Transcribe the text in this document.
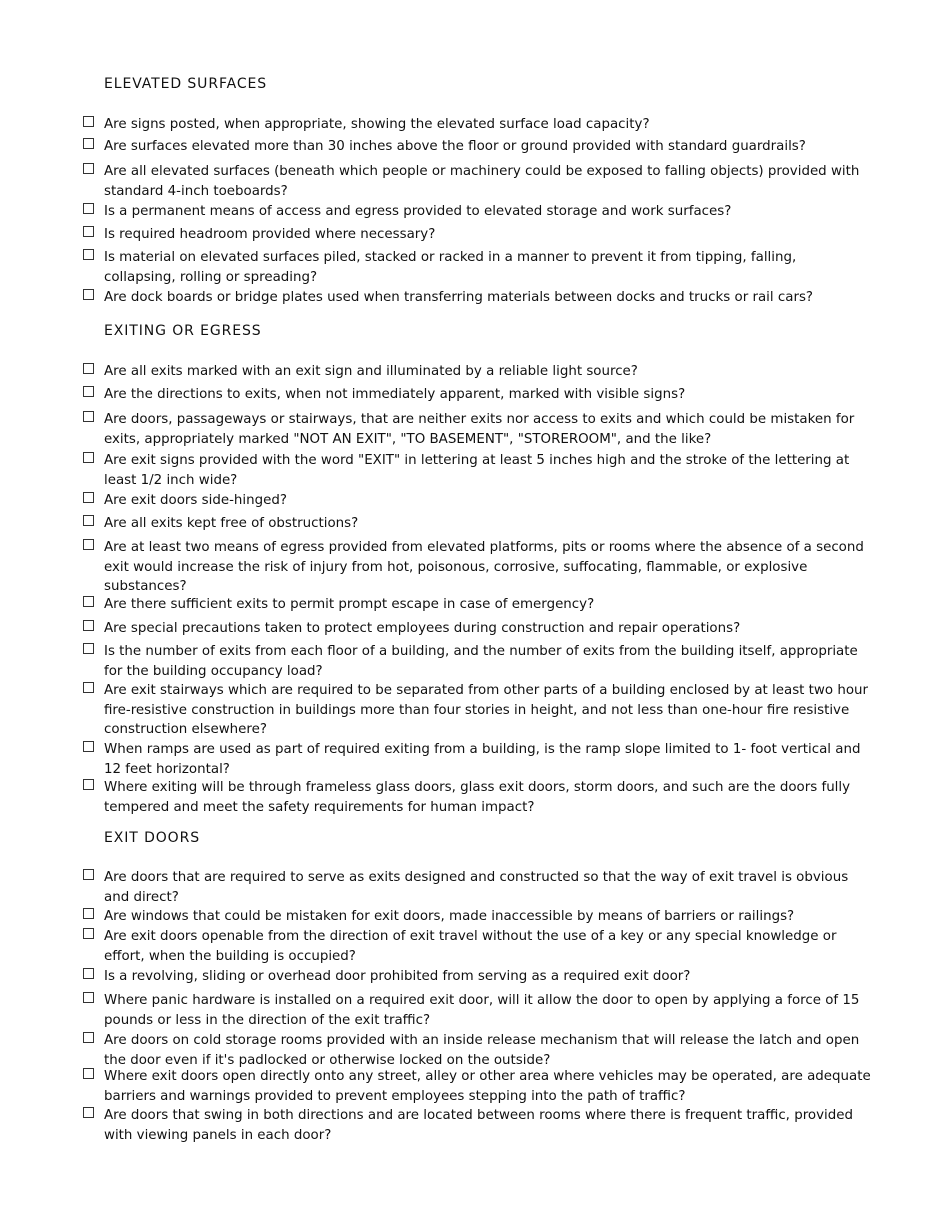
ELEVATED SURFACES
Are signs posted, when appropriate, showing the elevated surface load capacity?
Are surfaces elevated more than 30 inches above the floor or ground provided with standard guardrails?
Are all elevated surfaces (beneath which people or machinery could be exposed to falling objects) provided with standard 4-inch toeboards?
Is a permanent means of access and egress provided to elevated storage and work surfaces?
Is required headroom provided where necessary?
Is material on elevated surfaces piled, stacked or racked in a manner to prevent it from tipping, falling, collapsing, rolling or spreading?
Are dock boards or bridge plates used when transferring materials between docks and trucks or rail cars?
EXITING OR EGRESS
Are all exits marked with an exit sign and illuminated by a reliable light source?
Are the directions to exits, when not immediately apparent, marked with visible signs?
Are doors, passageways or stairways, that are neither exits nor access to exits and which could be mistaken for exits, appropriately marked "NOT AN EXIT", "TO BASEMENT", "STOREROOM", and the like?
Are exit signs provided with the word "EXIT" in lettering at least 5 inches high and the stroke of the lettering at least 1/2 inch wide?
Are exit doors side-hinged?
Are all exits kept free of obstructions?
Are at least two means of egress provided from elevated platforms, pits or rooms where the absence of a second exit would increase the risk of injury from hot, poisonous, corrosive, suffocating, flammable, or explosive substances?
Are there sufficient exits to permit prompt escape in case of emergency?
Are special precautions taken to protect employees during construction and repair operations?
Is the number of exits from each floor of a building, and the number of exits from the building itself, appropriate for the building occupancy load?
Are exit stairways which are required to be separated from other parts of a building enclosed by at least two hour fire-resistive construction in buildings more than four stories in height, and not less than one-hour fire resistive construction elsewhere?
When ramps are used as part of required exiting from a building, is the ramp slope limited to 1- foot vertical and 12 feet horizontal?
Where exiting will be through frameless glass doors, glass exit doors, storm doors, and such are the doors fully tempered and meet the safety requirements for human impact?
EXIT DOORS
Are doors that are required to serve as exits designed and constructed so that the way of exit travel is obvious and direct?
Are windows that could be mistaken for exit doors, made inaccessible by means of barriers or railings?
Are exit doors openable from the direction of exit travel without the use of a key or any special knowledge or effort, when the building is occupied?
Is a revolving, sliding or overhead door prohibited from serving as a required exit door?
Where panic hardware is installed on a required exit door, will it allow the door to open by applying a force of 15 pounds or less in the direction of the exit traffic?
Are doors on cold storage rooms provided with an inside release mechanism that will release the latch and open the door even if it's padlocked or otherwise locked on the outside?
Where exit doors open directly onto any street, alley or other area where vehicles may be operated, are adequate barriers and warnings provided to prevent employees stepping into the path of traffic?
Are doors that swing in both directions and are located between rooms where there is frequent traffic, provided with viewing panels in each door?
